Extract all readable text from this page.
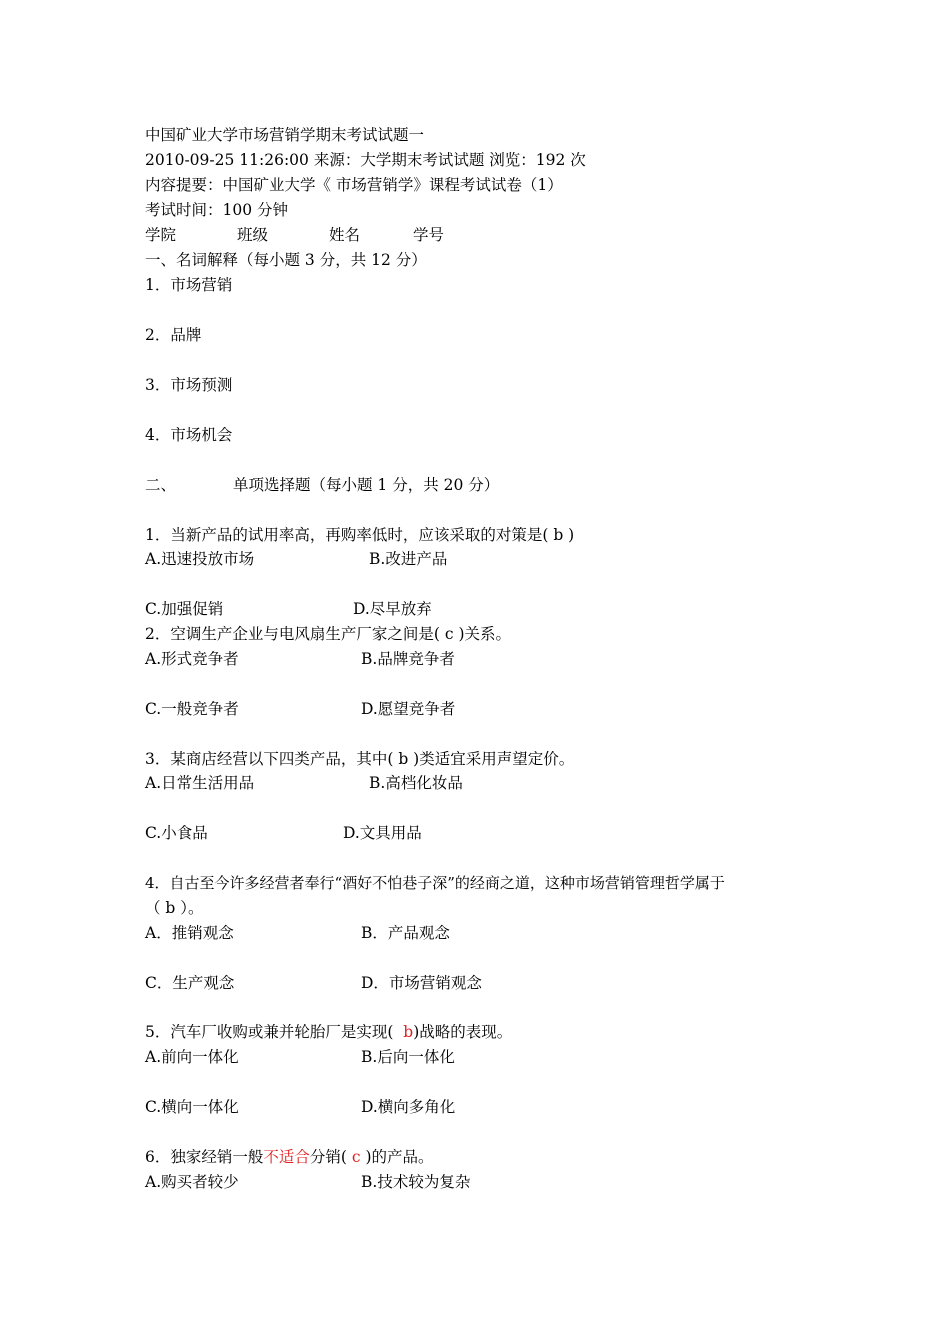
中国矿业大学市场营销学期末考试试题一
2010-09-25 11:26:00 来源：大学期末考试试题 浏览：192 次
内容提要：中国矿业大学《 市场营销学》课程考试试卷（1）
考试时间：100 分钟
学院	班级	姓名	学号
一、名词解释（每小题 3 分，共 12 分）
1．市场营销
2．品牌
3．市场预测
4．市场机会
二、	单项选择题（每小题 1 分，共 20 分）
1．当新产品的试用率高，再购率低时，应该采取的对策是( b )
A.迅速投放市场	B.改进产品
C.加强促销	D.尽早放弃
2．空调生产企业与电风扇生产厂家之间是( c )关系。
A.形式竞争者	B.品牌竞争者
C.一般竞争者	D.愿望竞争者
3．某商店经营以下四类产品，其中( b )类适宜采用声望定价。
A.日常生活用品	B.高档化妆品
C.小食品	D.文具用品
4．自古至今许多经营者奉行“酒好不怕巷子深”的经商之道，这种市场营销管理哲学属于
（ b ）。
A．推销观念	B．产品观念
C．生产观念	D．市场营销观念
5．汽车厂收购或兼并轮胎厂是实现( b)战略的表现。
A.前向一体化	B.后向一体化
C.横向一体化	D.横向多角化
6．独家经销一般不适合分销( c )的产品。
A.购买者较少	B.技术较为复杂
